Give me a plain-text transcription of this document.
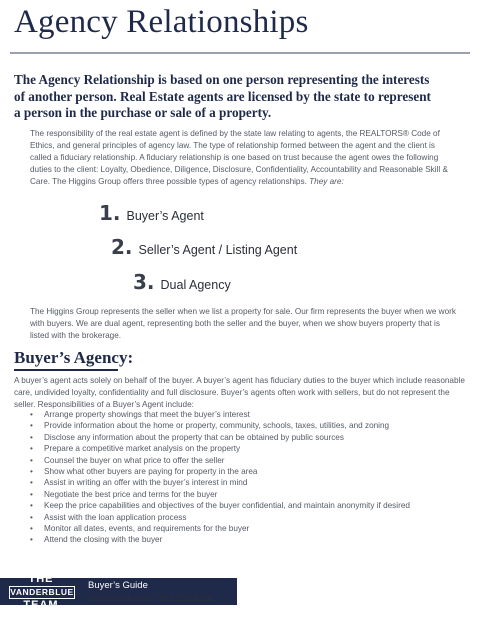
Agency Relationships
The Agency Relationship is based on one person representing the interests of another person. Real Estate agents are licensed by the state to represent a person in the purchase or sale of a property.
The responsibility of the real estate agent is defined by the state law relating to agents, the REALTORS® Code of Ethics, and general principles of agency law. The type of relationship formed between the agent and the client is called a fiduciary relationship. A fiduciary relationship is one based on trust because the agent owes the following duties to the client: Loyalty, Obedience, Diligence, Disclosure, Confidentiality, Accountability and Reasonable Skill & Care. The Higgins Group offers three possible types of agency relationships. They are:
1. Buyer’s Agent
2. Seller’s Agent / Listing Agent
3. Dual Agency
The Higgins Group represents the seller when we list a property for sale. Our firm represents the buyer when we work with buyers. We are dual agent, representing both the seller and the buyer, when we show buyers property that is listed with the brokerage.
Buyer’s Agency:
A buyer’s agent acts solely on behalf of the buyer. A buyer’s agent has fiduciary duties to the buyer which include reasonable care, undivided loyalty, confidentiality and full disclosure. Buyer’s agents often work with sellers, but do not represent the seller. Responsibilities of a Buyer’s Agent include:
• Arrange property showings that meet the buyer’s interest
• Provide information about the home or property, community, schools, taxes, utilities, and zoning
• Disclose any information about the property that can be obtained by public sources
• Prepare a competitive market analysis on the property
• Counsel the buyer on what price to offer the seller
• Show what other buyers are paying for property in the area
• Assist in writing an offer with the buyer’s interest in mind
• Negotiate the best price and terms for the buyer
• Keep the price capabilities and objectives of the buyer confidential, and maintain anonymity if desired
• Assist with the loan application process
• Monitor all dates, events, and requirements for the buyer
• Attend the closing with the buyer
THE
VANDERBLUE
TEAM
Buyer’s Guide
Vanderblue.com | 203.259.8326
